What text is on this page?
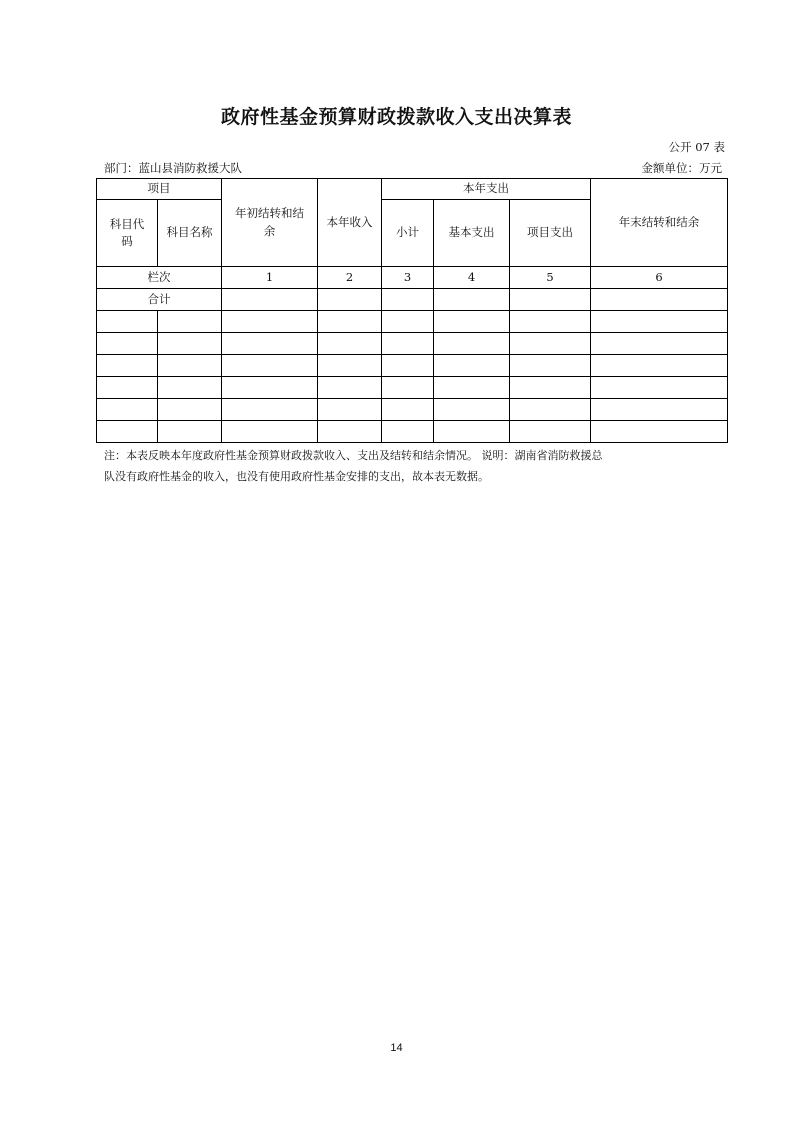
政府性基金预算财政拨款收入支出决算表
公开 07 表
部门：蓝山县消防救援大队	金额单位：万元
项目		年初结转和结余	本年收入	本年支出			年末结转和结余

科目代码	科目名称			小计	基本支出	项目支出	
栏次		1	2	3	4	5	6
合计							

注：本表反映本年度政府性基金预算财政拨款收入、支出及结转和结余情况。 说明：湖南省消防救援总
队没有政府性基金的收入，也没有使用政府性基金安排的支出，故本表无数据。
14
